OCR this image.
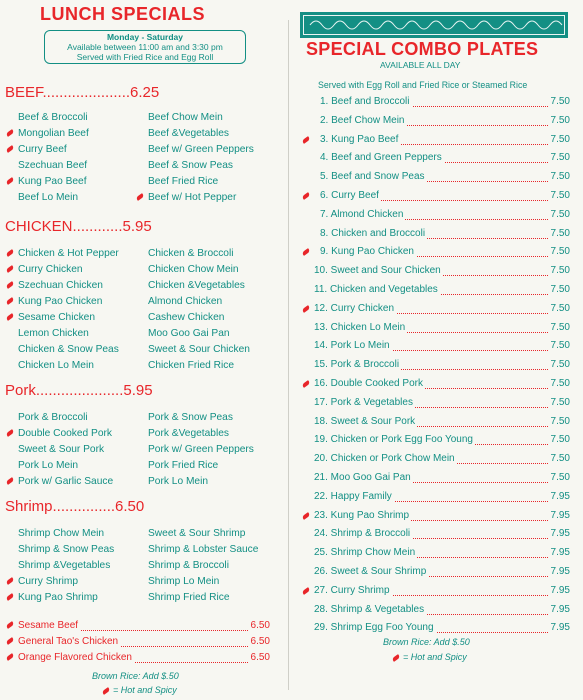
LUNCH SPECIALS
Monday - Saturday
Available between 11:00 am and 3:30 pm
Served with Fried Rice and Egg Roll
BEEF.....................6.25
Beef & Broccoli
Mongolian Beef
Curry Beef
Szechuan Beef
Kung Pao Beef
Beef Lo Mein
Beef Chow Mein
Beef &Vegetables
Beef w/ Green Peppers
Beef & Snow Peas
Beef Fried Rice
Beef w/ Hot Pepper
CHICKEN............5.95
Chicken & Hot Pepper
Curry Chicken
Szechuan Chicken
Kung Pao Chicken
Sesame Chicken
Lemon Chicken
Chicken & Snow Peas
Chicken Lo Mein
Chicken & Broccoli
Chicken Chow Mein
Chicken &Vegetables
Almond Chicken
Cashew Chicken
Moo Goo Gai Pan
Sweet & Sour Chicken
Chicken Fried Rice
Pork.....................5.95
Pork & Broccoli
Double Cooked Pork
Sweet & Sour Pork
Pork Lo Mein
Pork w/ Garlic Sauce
Pork & Snow Peas
Pork &Vegetables
Pork w/ Green Peppers
Pork Fried Rice
Pork Lo Mein
Shrimp...............6.50
Shrimp Chow Mein
Shrimp & Snow Peas
Shrimp &Vegetables
Curry Shrimp
Kung Pao Shrimp
Sweet & Sour Shrimp
Shrimp & Lobster Sauce
Shrimp & Broccoli
Shrimp Lo Mein
Shrimp Fried Rice
Sesame Beef	6.50
General Tao's Chicken	6.50
Orange Flavored Chicken	6.50
Brown Rice: Add $.50
= Hot and Spicy
SPECIAL COMBO PLATES
AVAILABLE ALL DAY
Served with Egg Roll and Fried Rice or Steamed Rice
1. Beef and Broccoli	7.50
2. Beef Chow Mein	7.50
3. Kung Pao Beef	7.50
4. Beef and Green Peppers	7.50
5. Beef and Snow Peas	7.50
6. Curry Beef	7.50
7. Almond Chicken	7.50
8. Chicken and Broccoli	7.50
9. Kung Pao Chicken	7.50
10. Sweet and Sour Chicken	7.50
11. Chicken and Vegetables	7.50
12. Curry Chicken	7.50
13. Chicken Lo Mein	7.50
14. Pork Lo Mein	7.50
15. Pork & Broccoli	7.50
16. Double Cooked Pork	7.50
17. Pork & Vegetables	7.50
18. Sweet & Sour Pork	7.50
19. Chicken or Pork Egg Foo Young	7.50
20. Chicken or Pork Chow Mein	7.50
21. Moo Goo Gai Pan	7.50
22. Happy Family	7.95
23. Kung Pao Shrimp	7.95
24. Shrimp & Broccoli	7.95
25. Shrimp Chow Mein	7.95
26. Sweet & Sour Shrimp	7.95
27. Curry Shrimp	7.95
28. Shrimp & Vegetables	7.95
29. Shrimp Egg Foo Young	7.95
Brown Rice: Add $.50
= Hot and Spicy
